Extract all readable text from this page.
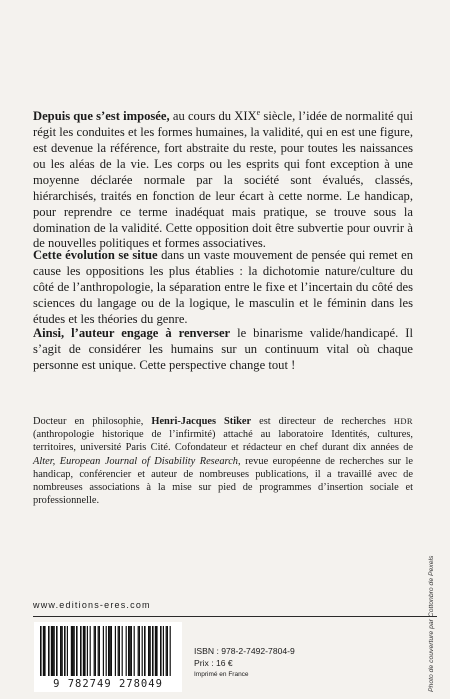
Depuis que s’est imposée, au cours du XIXe siècle, l’idée de normalité qui régit les conduites et les formes humaines, la validité, qui en est une figure, est devenue la référence, fort abstraite du reste, pour toutes les naissances ou les aléas de la vie. Les corps ou les esprits qui font exception à une moyenne déclarée normale par la société sont évalués, classés, hiérarchisés, traités en fonction de leur écart à cette norme. Le handicap, pour reprendre ce terme inadéquat mais pratique, se trouve sous la domination de la validité. Cette opposition doit être subvertie pour ouvrir à de nouvelles politiques et formes associatives.

Cette évolution se situe dans un vaste mouvement de pensée qui remet en cause les oppositions les plus établies : la dichotomie nature/culture du côté de l’anthropologie, la séparation entre le fixe et l’incertain du côté des sciences du langage ou de la logique, le masculin et le féminin dans les études et les théories du genre.

Ainsi, l’auteur engage à renverser le binarisme valide/handicapé. Il s’agit de considérer les humains sur un continuum vital où chaque personne est unique. Cette perspective change tout !

Docteur en philosophie, Henri-Jacques Stiker est directeur de recherches HDR (anthropologie historique de l’infirmité) attaché au laboratoire Identités, cultures, territoires, université Paris Cité. Cofondateur et rédacteur en chef durant dix années de Alter, European Journal of Disability Research, revue européenne de recherches sur le handicap, conférencier et auteur de nombreuses publications, il a travaillé avec de nombreuses associations à la mise sur pied de programmes d’insertion sociale et professionnelle.

www.editions-eres.com
9 782749 278049
ISBN : 978-2-7492-7804-9
Prix : 16 €
Imprimé en France	Photo de couverture par Cottonbro de Pexels
